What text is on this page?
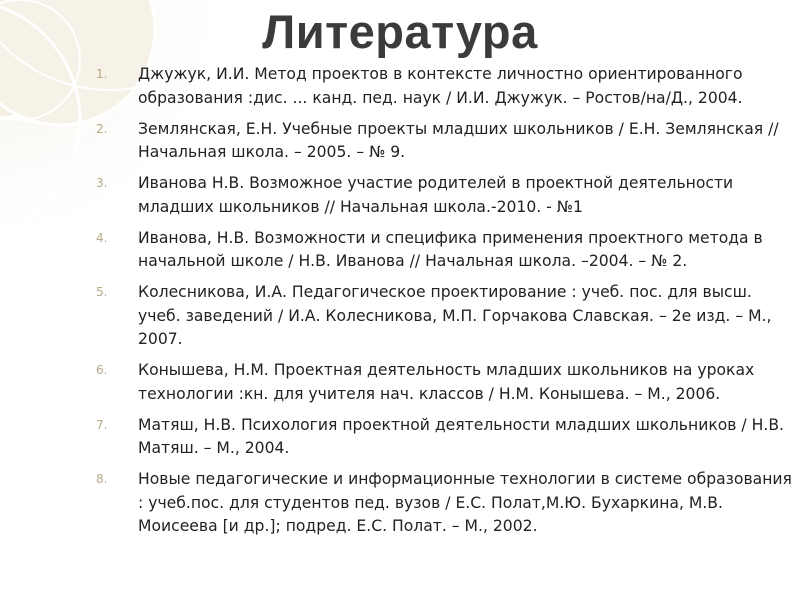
Литература
1. Джужук, И.И. Метод проектов в контексте личностно ориентированного образования :дис. ... канд. пед. наук / И.И. Джужук. – Ростов/на/Д., 2004.
2. Землянская, Е.Н. Учебные проекты младших школьников / Е.Н. Землянская // Начальная школа. – 2005. – № 9.
3. Иванова Н.В. Возможное участие родителей в проектной деятельности младших школьников // Начальная школа.-2010. - №1
4. Иванова, Н.В. Возможности и специфика применения проектного метода в начальной школе / Н.В. Иванова // Начальная школа. –2004. – № 2.
5. Колесникова, И.А. Педагогическое проектирование : учеб. пос. для высш. учеб. заведений / И.А. Колесникова, М.П. Горчакова Славская. – 2е изд. – М., 2007.
6. Конышева, Н.М. Проектная деятельность младших школьников на уроках технологии :кн. для учителя нач. классов / Н.М. Конышева. – М., 2006.
7. Матяш, Н.В. Психология проектной деятельности младших школьников / Н.В. Матяш. – М., 2004.
8. Новые педагогические и информационные технологии в системе образования : учеб.пос. для студентов пед. вузов / Е.С. Полат,М.Ю. Бухаркина, М.В. Моисеева [и др.]; подред. Е.С. Полат. – М., 2002.
